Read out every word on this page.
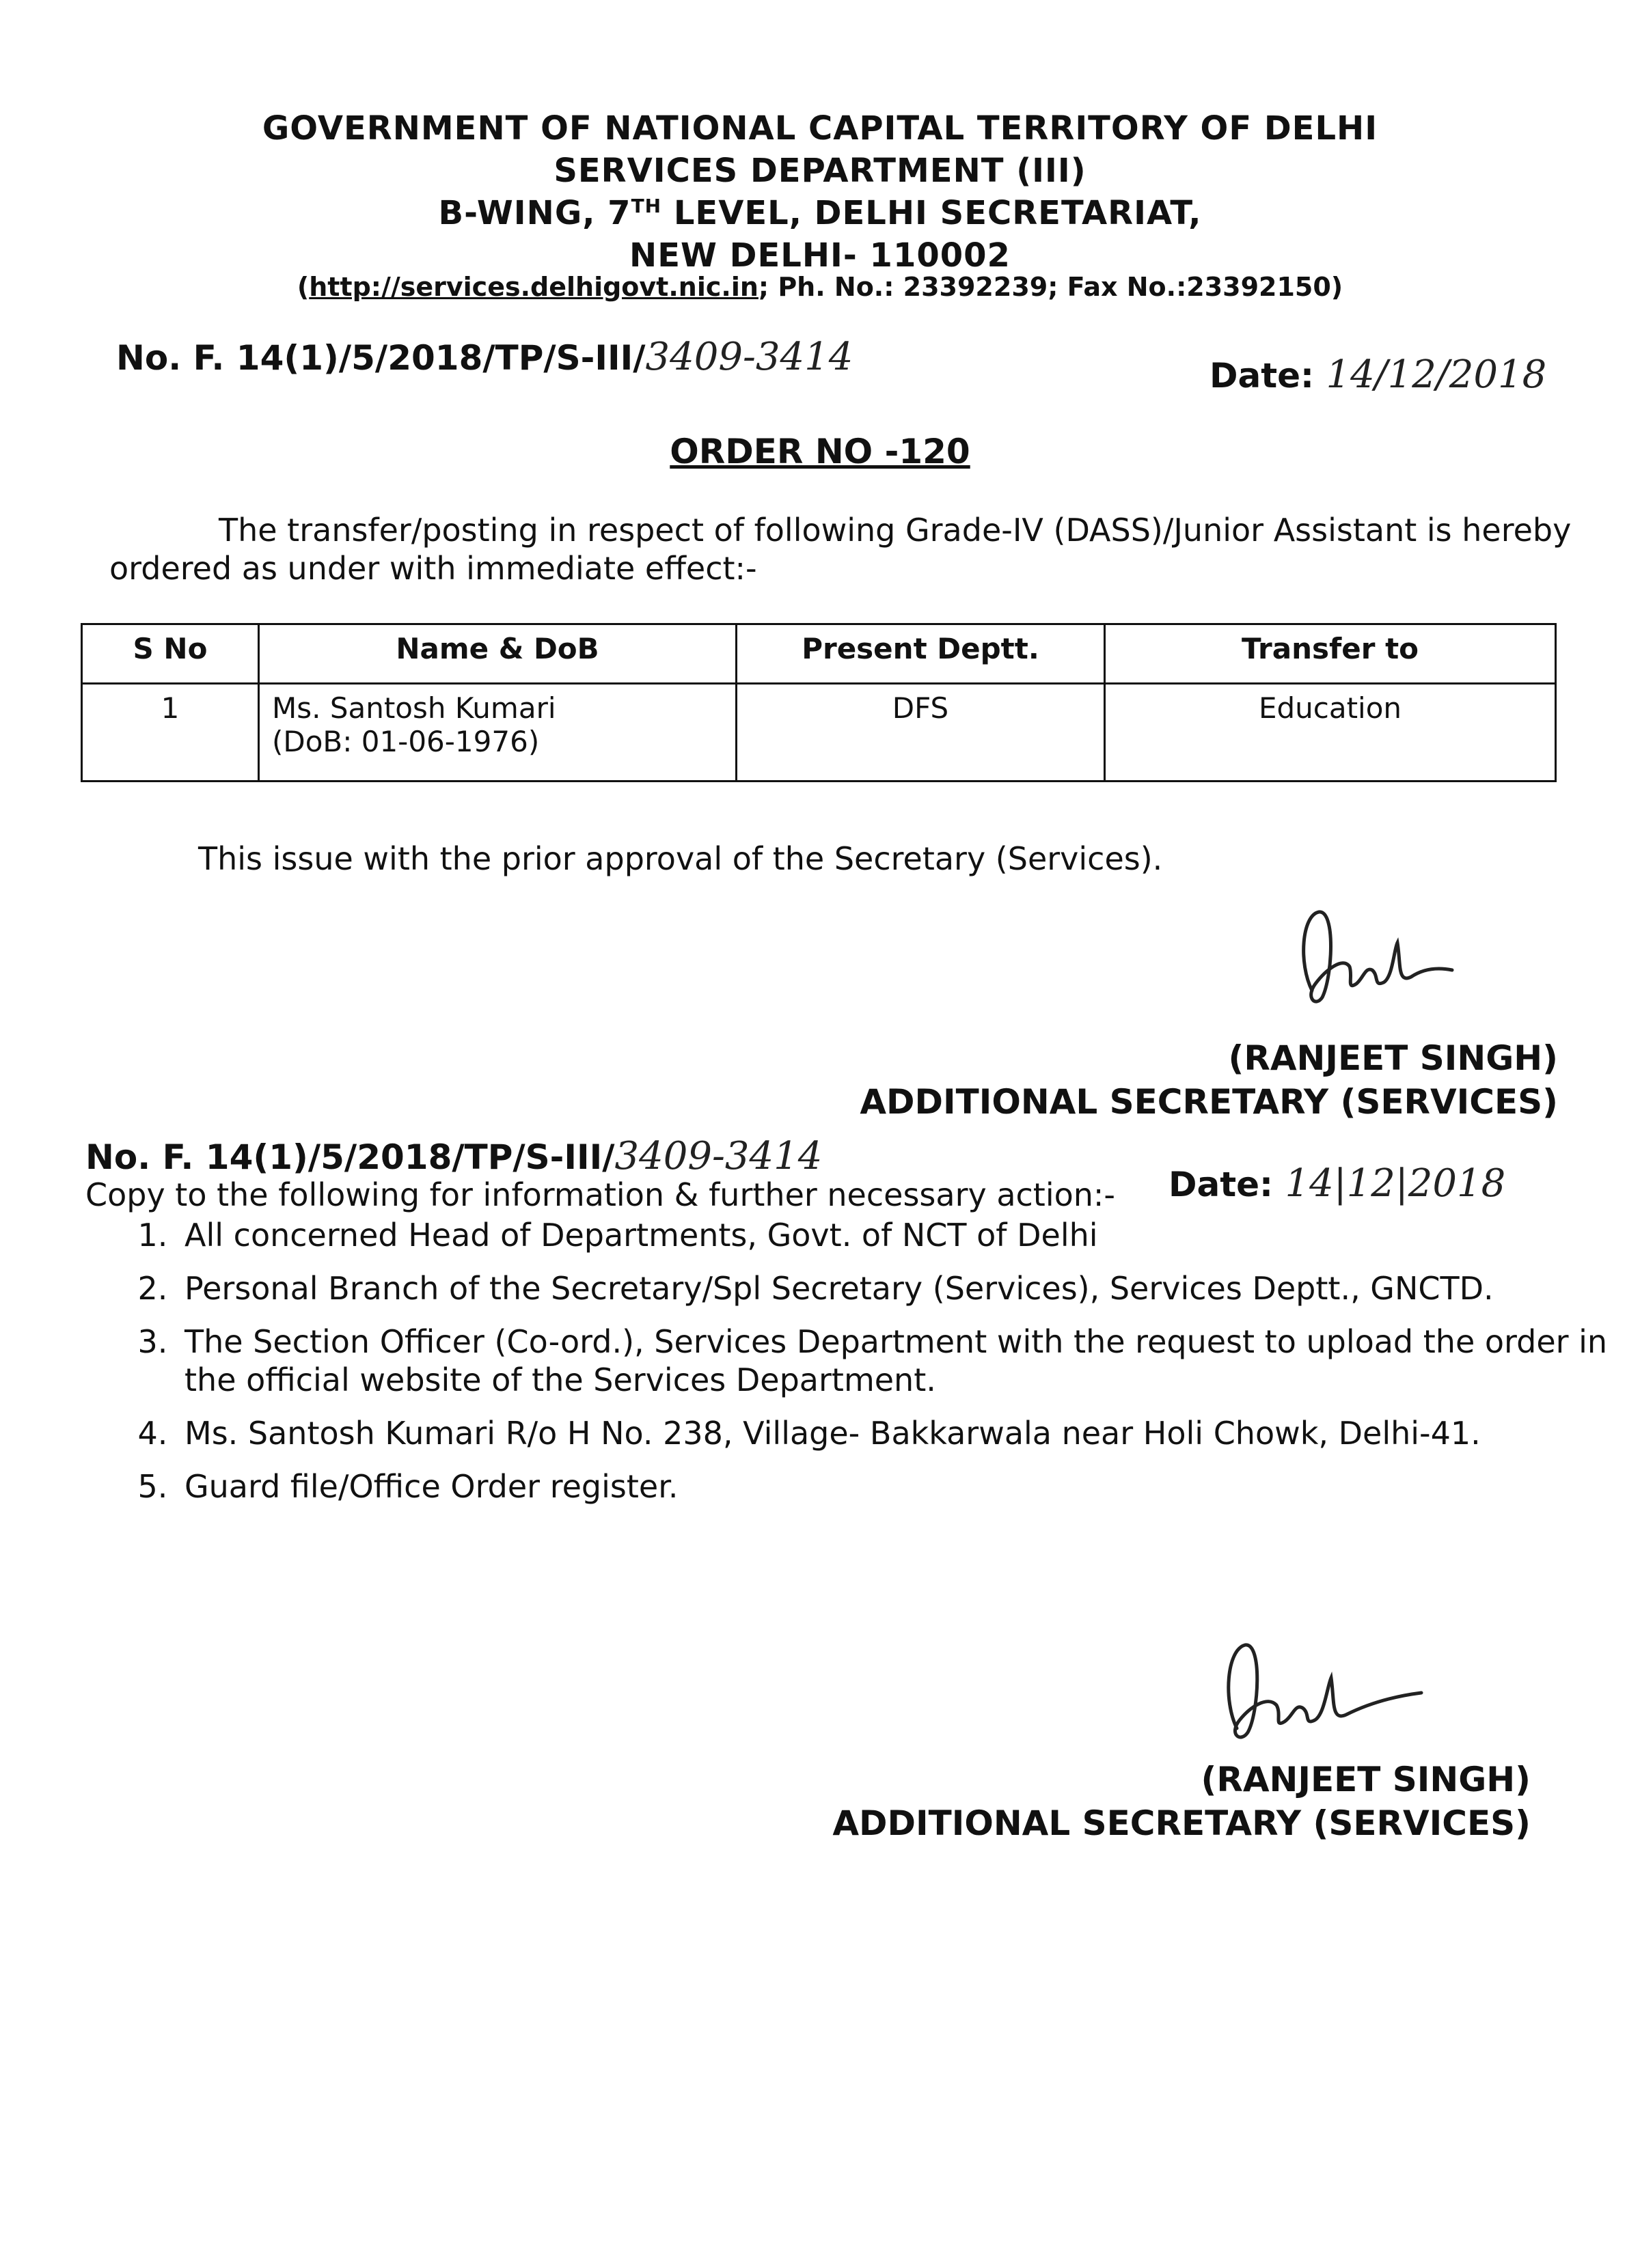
GOVERNMENT OF NATIONAL CAPITAL TERRITORY OF DELHI
SERVICES DEPARTMENT (III)
B-WING, 7TH LEVEL, DELHI SECRETARIAT,
NEW DELHI- 110002
(http://services.delhigovt.nic.in; Ph. No.: 23392239; Fax No.:23392150)
No. F. 14(1)/5/2018/TP/S-III/3409-3414	Date: 14/12/2018
ORDER NO -120
The transfer/posting in respect of following Grade-IV (DASS)/Junior Assistant is hereby ordered as under with immediate effect:-
S No	Name & DoB	Present Deptt.	Transfer to
1	Ms. Santosh Kumari
(DoB: 01-06-1976)	DFS	Education
This issue with the prior approval of the Secretary (Services).
(RANJEET SINGH)
ADDITIONAL SECRETARY (SERVICES)
No. F. 14(1)/5/2018/TP/S-III/3409-3414
Date: 14|12|2018
Copy to the following for information & further necessary action:-
1. All concerned Head of Departments, Govt. of NCT of Delhi
2. Personal Branch of the Secretary/Spl Secretary (Services), Services Deptt., GNCTD.
3. The Section Officer (Co-ord.), Services Department with the request to upload the order in the official website of the Services Department.
4. Ms. Santosh Kumari R/o H No. 238, Village- Bakkarwala near Holi Chowk, Delhi-41.
5. Guard file/Office Order register.
(RANJEET SINGH)
ADDITIONAL SECRETARY (SERVICES)
